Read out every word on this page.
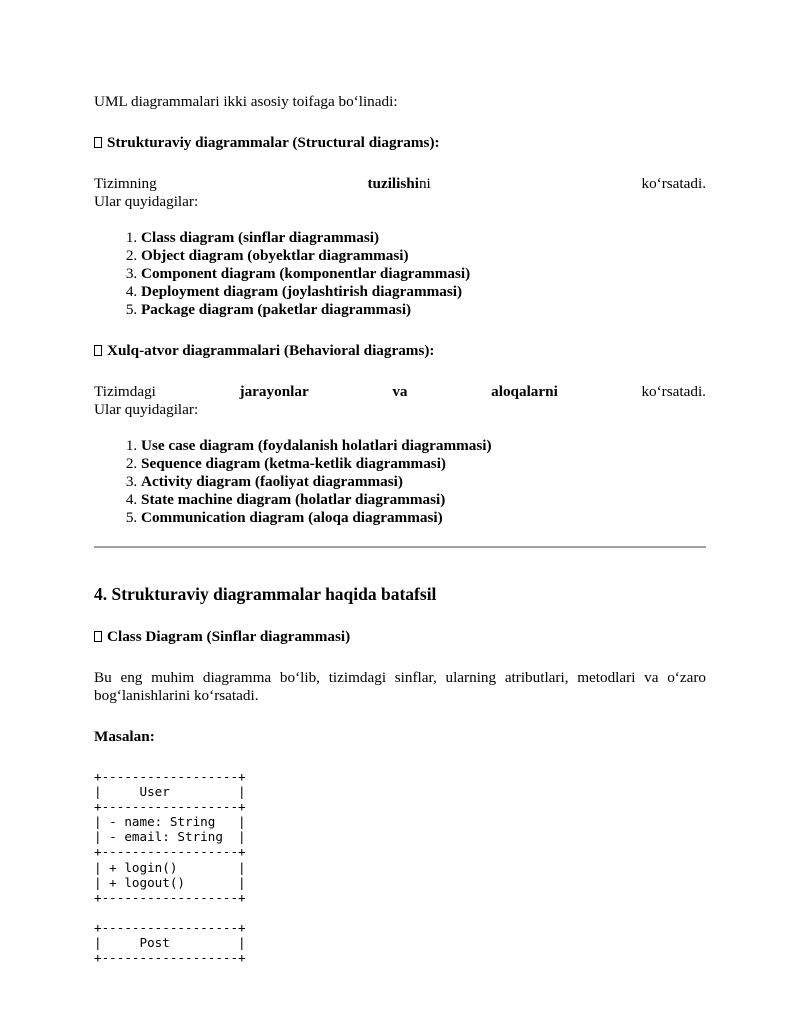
UML diagrammalari ikki asosiy toifaga bo‘linadi:

Strukturaviy diagrammalar (Structural diagrams):

Tizimning	tuzilishini	ko‘rsatadi.

Ular quyidagilar:

1. Class diagram (sinflar diagrammasi)
2. Object diagram (obyektlar diagrammasi)
3. Component diagram (komponentlar diagrammasi)
4. Deployment diagram (joylashtirish diagrammasi)
5. Package diagram (paketlar diagrammasi)

Xulq-atvor diagrammalari (Behavioral diagrams):

Tizimdagi	jarayonlar	va	aloqalarni	ko‘rsatadi.

Ular quyidagilar:

1. Use case diagram (foydalanish holatlari diagrammasi)
2. Sequence diagram (ketma-ketlik diagrammasi)
3. Activity diagram (faoliyat diagrammasi)
4. State machine diagram (holatlar diagrammasi)
5. Communication diagram (aloqa diagrammasi)

4. Strukturaviy diagrammalar haqida batafsil

Class Diagram (Sinflar diagrammasi)

Bu eng muhim diagramma bo‘lib, tizimdagi sinflar, ularning atributlari, metodlari va o‘zaro bog‘lanishlarini ko‘rsatadi.

Masalan:

+------------------+
|     User         |
+------------------+
| - name: String   |
| - email: String  |
+------------------+
| + login()        |
| + logout()       |
+------------------+
+------------------+
|     Post         |
+------------------+
